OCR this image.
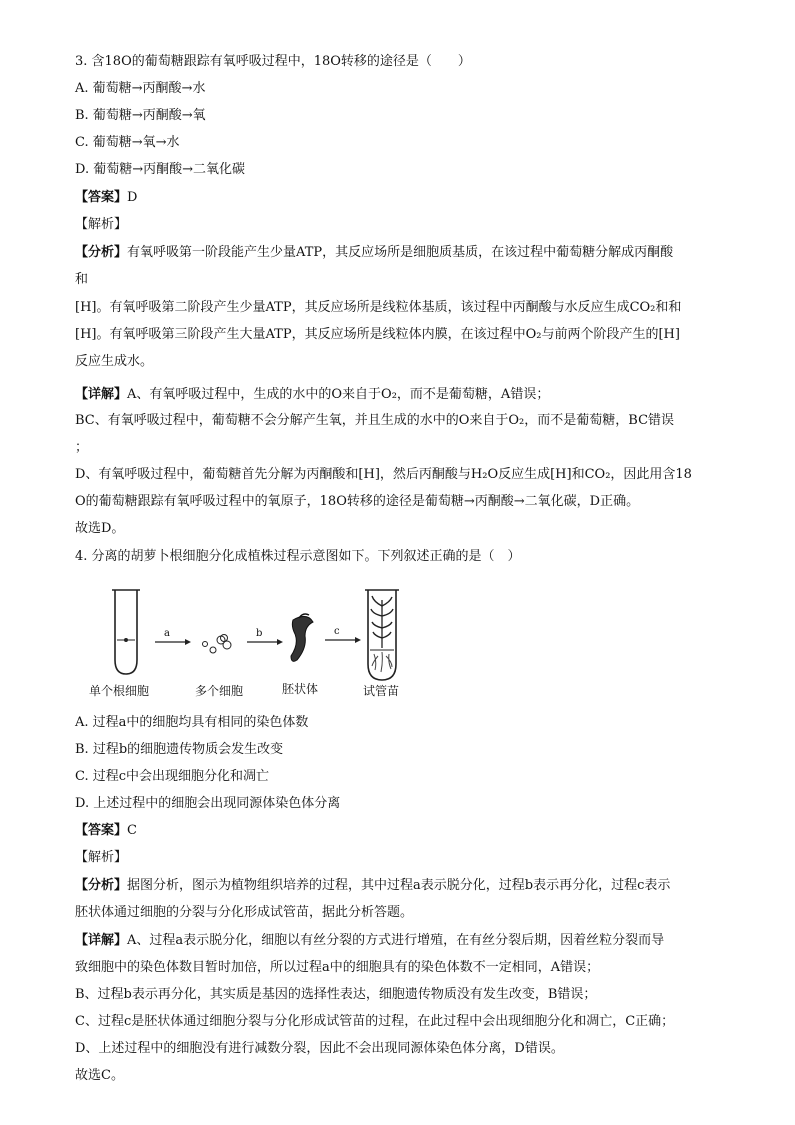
3. 含18O的葡萄糖跟踪有氧呼吸过程中，18O转移的途径是（　　）
A. 葡萄糖→丙酮酸→水
B. 葡萄糖→丙酮酸→氧
C. 葡萄糖→氧→水
D. 葡萄糖→丙酮酸→二氧化碳
【答案】D
【解析】
【分析】有氧呼吸第一阶段能产生少量ATP，其反应场所是细胞质基质，在该过程中葡萄糖分解成丙酮酸
和
[H]。有氧呼吸第二阶段产生少量ATP，其反应场所是线粒体基质，该过程中丙酮酸与水反应生成CO₂和和
[H]。有氧呼吸第三阶段产生大量ATP，其反应场所是线粒体内膜，在该过程中O₂与前两个阶段产生的[H]
反应生成水。
【详解】A、有氧呼吸过程中，生成的水中的O来自于O₂，而不是葡萄糖，A错误；
BC、有氧呼吸过程中，葡萄糖不会分解产生氧，并且生成的水中的O来自于O₂，而不是葡萄糖，BC错误
；
D、有氧呼吸过程中，葡萄糖首先分解为丙酮酸和[H]，然后丙酮酸与H₂O反应生成[H]和CO₂，因此用含18
O的葡萄糖跟踪有氧呼吸过程中的氧原子，18O转移的途径是葡萄糖→丙酮酸→二氧化碳，D正确。
故选D。
4. 分离的胡萝卜根细胞分化成植株过程示意图如下。下列叙述正确的是（　）
a	b	c
单个根细胞	多个细胞	胚状体	试管苗
A. 过程a中的细胞均具有相同的染色体数
B. 过程b的细胞遗传物质会发生改变
C. 过程c中会出现细胞分化和凋亡
D. 上述过程中的细胞会出现同源体染色体分离
【答案】C
【解析】
【分析】据图分析，图示为植物组织培养的过程，其中过程a表示脱分化，过程b表示再分化，过程c表示
胚状体通过细胞的分裂与分化形成试管苗，据此分析答题。
【详解】A、过程a表示脱分化，细胞以有丝分裂的方式进行增殖，在有丝分裂后期，因着丝粒分裂而导
致细胞中的染色体数目暂时加倍，所以过程a中的细胞具有的染色体数不一定相同，A错误；
B、过程b表示再分化，其实质是基因的选择性表达，细胞遗传物质没有发生改变，B错误；
C、过程c是胚状体通过细胞分裂与分化形成试管苗的过程，在此过程中会出现细胞分化和凋亡，C正确；
D、上述过程中的细胞没有进行减数分裂，因此不会出现同源体染色体分离，D错误。
故选C。
